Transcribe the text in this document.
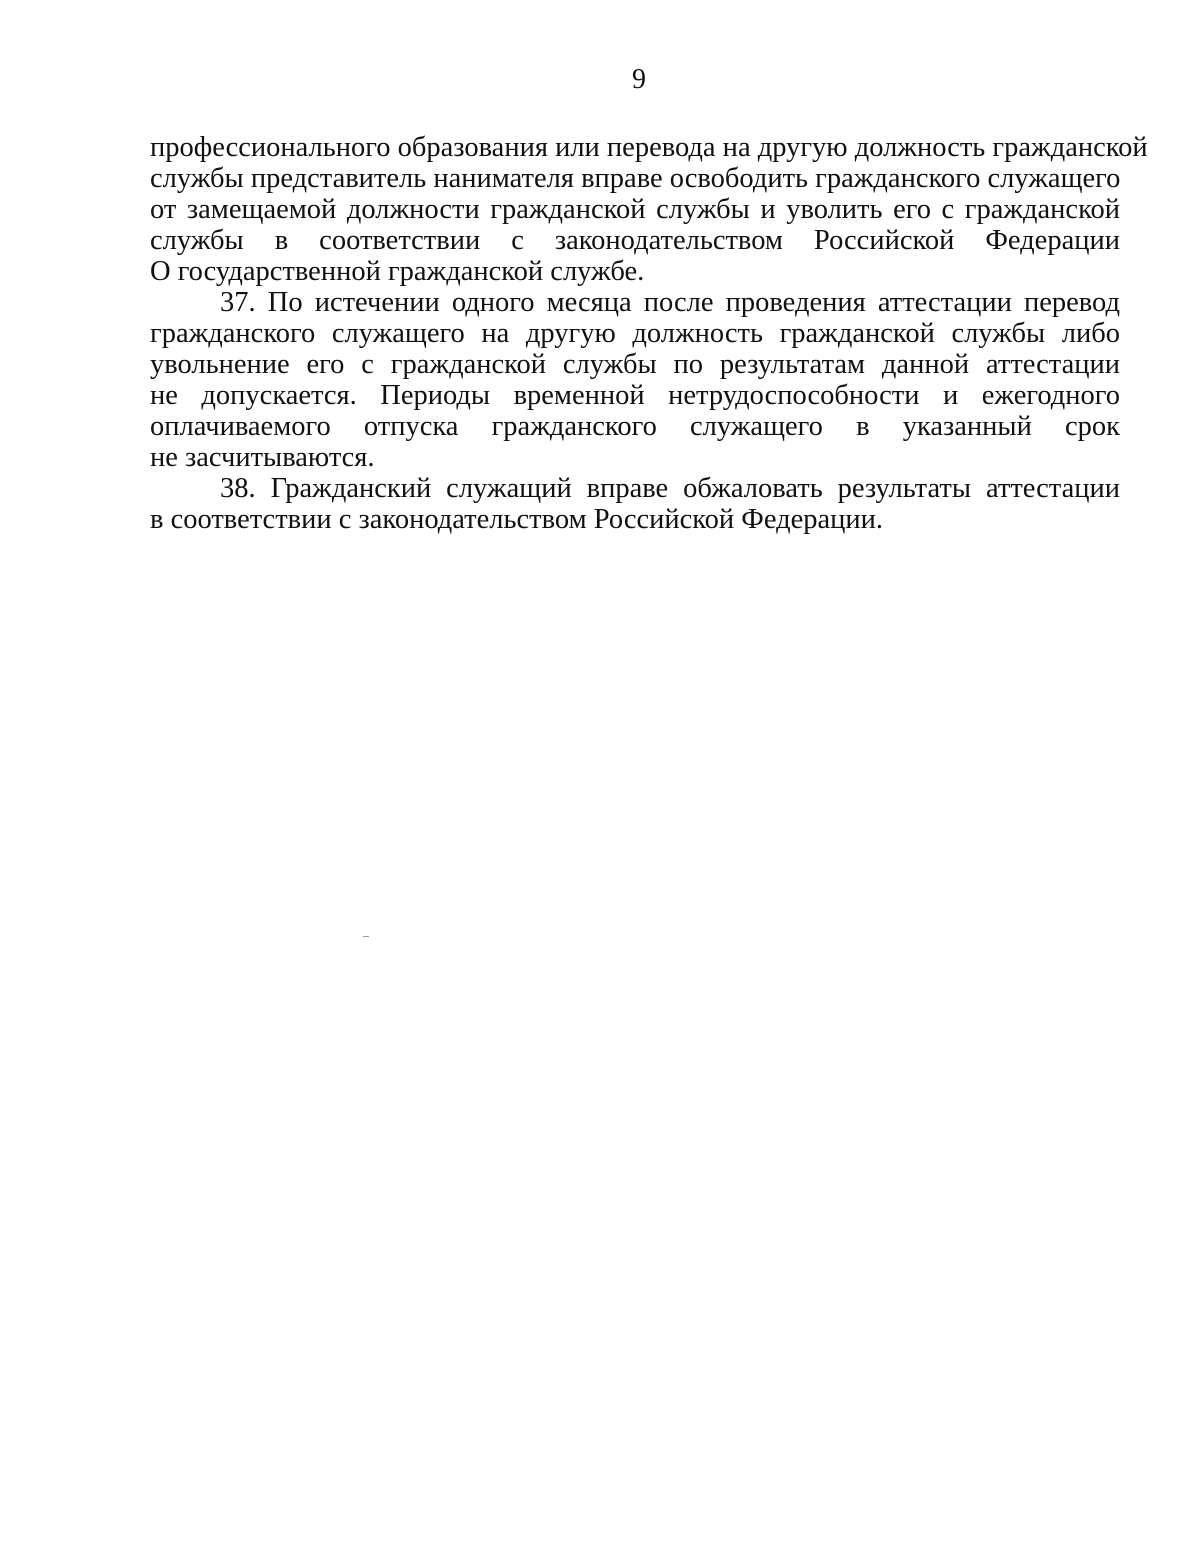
9
профессионального образования или перевода на другую должность гражданской
службы представитель нанимателя вправе освободить гражданского служащего
от замещаемой должности гражданской службы и уволить его с гражданской
службы в соответствии с законодательством Российской Федерации
О государственной гражданской службе.
37. По истечении одного месяца после проведения аттестации перевод
гражданского служащего на другую должность гражданской службы либо
увольнение его с гражданской службы по результатам данной аттестации
не допускается. Периоды временной нетрудоспособности и ежегодного
оплачиваемого отпуска гражданского служащего в указанный срок
не засчитываются.
38. Гражданский служащий вправе обжаловать результаты аттестации
в соответствии с законодательством Российской Федерации.
